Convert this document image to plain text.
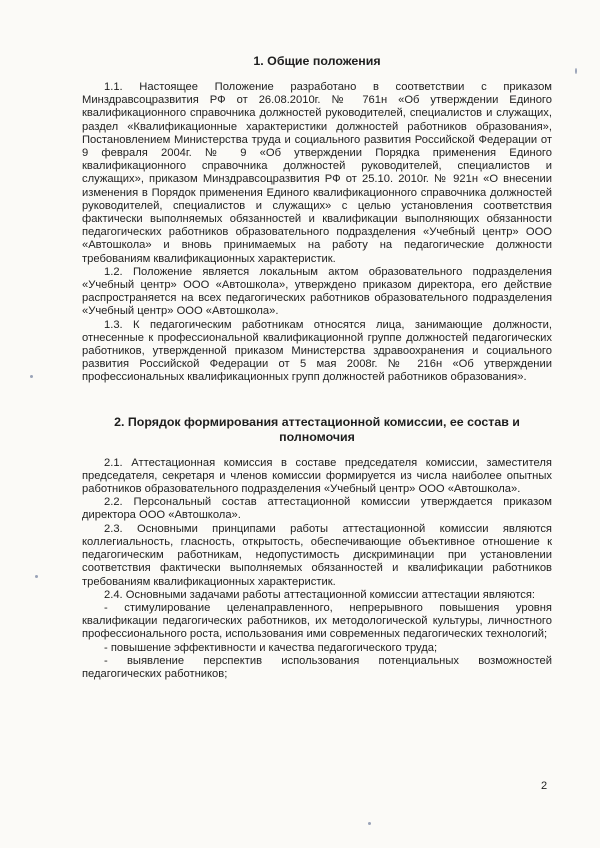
1. Общие положения

1.1. Настоящее Положение разработано в соответствии с приказом Минздравсоцразвития РФ от 26.08.2010г. № 761н «Об утверждении Единого квалификационного справочника должностей руководителей, специалистов и служащих, раздел «Квалификационные характеристики должностей работников образования», Постановлением Министерства труда и социального развития Российской Федерации от 9 февраля 2004г. № 9 «Об утверждении Порядка применения Единого квалификационного справочника должностей руководителей, специалистов и служащих», приказом Минздравсоцразвития РФ от 25.10. 2010г. № 921н «О внесении изменения в Порядок применения Единого квалификационного справочника должностей руководителей, специалистов и служащих» с целью установления соответствия фактически выполняемых обязанностей и квалификации выполняющих обязанности педагогических работников образовательного подразделения «Учебный центр» ООО «Автошкола» и вновь принимаемых на работу на педагогические должности требованиям квалификационных характеристик.

1.2. Положение является локальным актом образовательного подразделения «Учебный центр» ООО «Автошкола», утверждено приказом директора, его действие распространяется на всех педагогических работников образовательного подразделения «Учебный центр» ООО «Автошкола».

1.3. К педагогическим работникам относятся лица, занимающие должности, отнесенные к профессиональной квалификационной группе должностей педагогических работников, утвержденной приказом Министерства здравоохранения и социального развития Российской Федерации от 5 мая 2008г. № 216н «Об утверждении профессиональных квалификационных групп должностей работников образования».

2. Порядок формирования аттестационной комиссии, ее состав и полномочия

2.1. Аттестационная комиссия в составе председателя комиссии, заместителя председателя, секретаря и членов комиссии формируется из числа наиболее опытных работников образовательного подразделения «Учебный центр» ООО «Автошкола».

2.2. Персональный состав аттестационной комиссии утверждается приказом директора ООО «Автошкола».

2.3. Основными принципами работы аттестационной комиссии являются коллегиальность, гласность, открытость, обеспечивающие объективное отношение к педагогическим работникам, недопустимость дискриминации при установлении соответствия фактически выполняемых обязанностей и квалификации работников требованиям квалификационных характеристик.

2.4. Основными задачами работы аттестационной комиссии аттестации являются:

- стимулирование целенаправленного, непрерывного повышения уровня квалификации педагогических работников, их методологической культуры, личностного профессионального роста, использования ими современных педагогических технологий;

- повышение эффективности и качества педагогического труда;

- выявление перспектив использования потенциальных возможностей педагогических работников;

2
